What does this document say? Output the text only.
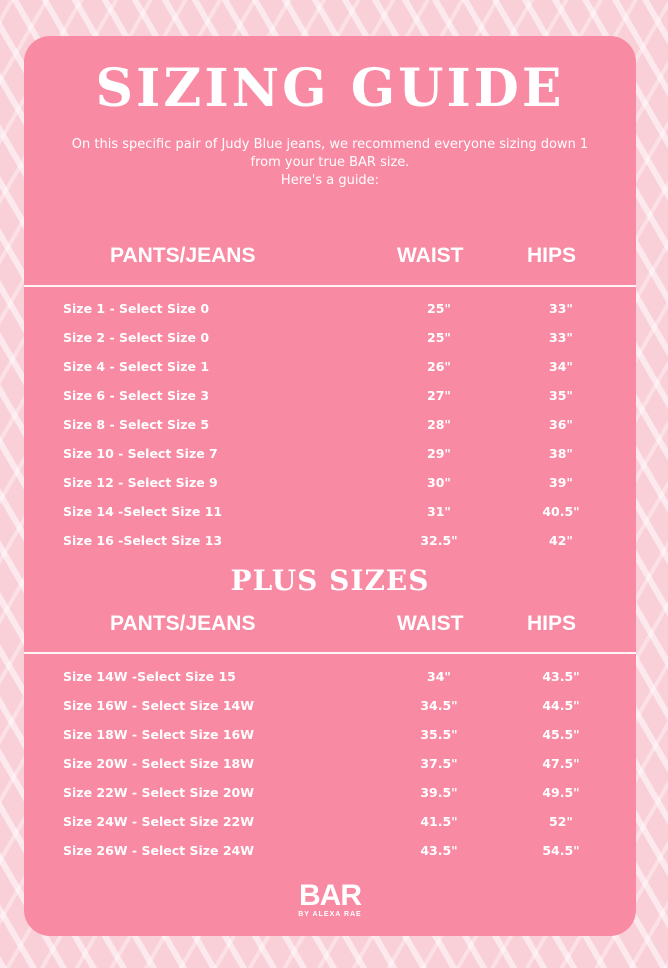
SIZING GUIDE
On this specific pair of Judy Blue jeans, we recommend everyone sizing down 1
from your true BAR size.
Here's a guide:
PANTS/JEANS	WAIST	HIPS
Size 1 - Select Size 0	25"	33"
Size 2 - Select Size 0	25"	33"
Size 4 - Select Size 1	26"	34"
Size 6 - Select Size 3	27"	35"
Size 8 - Select Size 5	28"	36"
Size 10 - Select Size 7	29"	38"
Size 12 - Select Size 9	30"	39"
Size 14 -Select Size 11	31"	40.5"
Size 16 -Select Size 13	32.5"	42"
PLUS SIZES
PANTS/JEANS	WAIST	HIPS
Size 14W -Select Size 15	34"	43.5"
Size 16W - Select Size 14W	34.5"	44.5"
Size 18W - Select Size 16W	35.5"	45.5"
Size 20W - Select Size 18W	37.5"	47.5"
Size 22W - Select Size 20W	39.5"	49.5"
Size 24W - Select Size 22W	41.5"	52"
Size 26W - Select Size 24W	43.5"	54.5"
BAR
BY ALEXA RAE
